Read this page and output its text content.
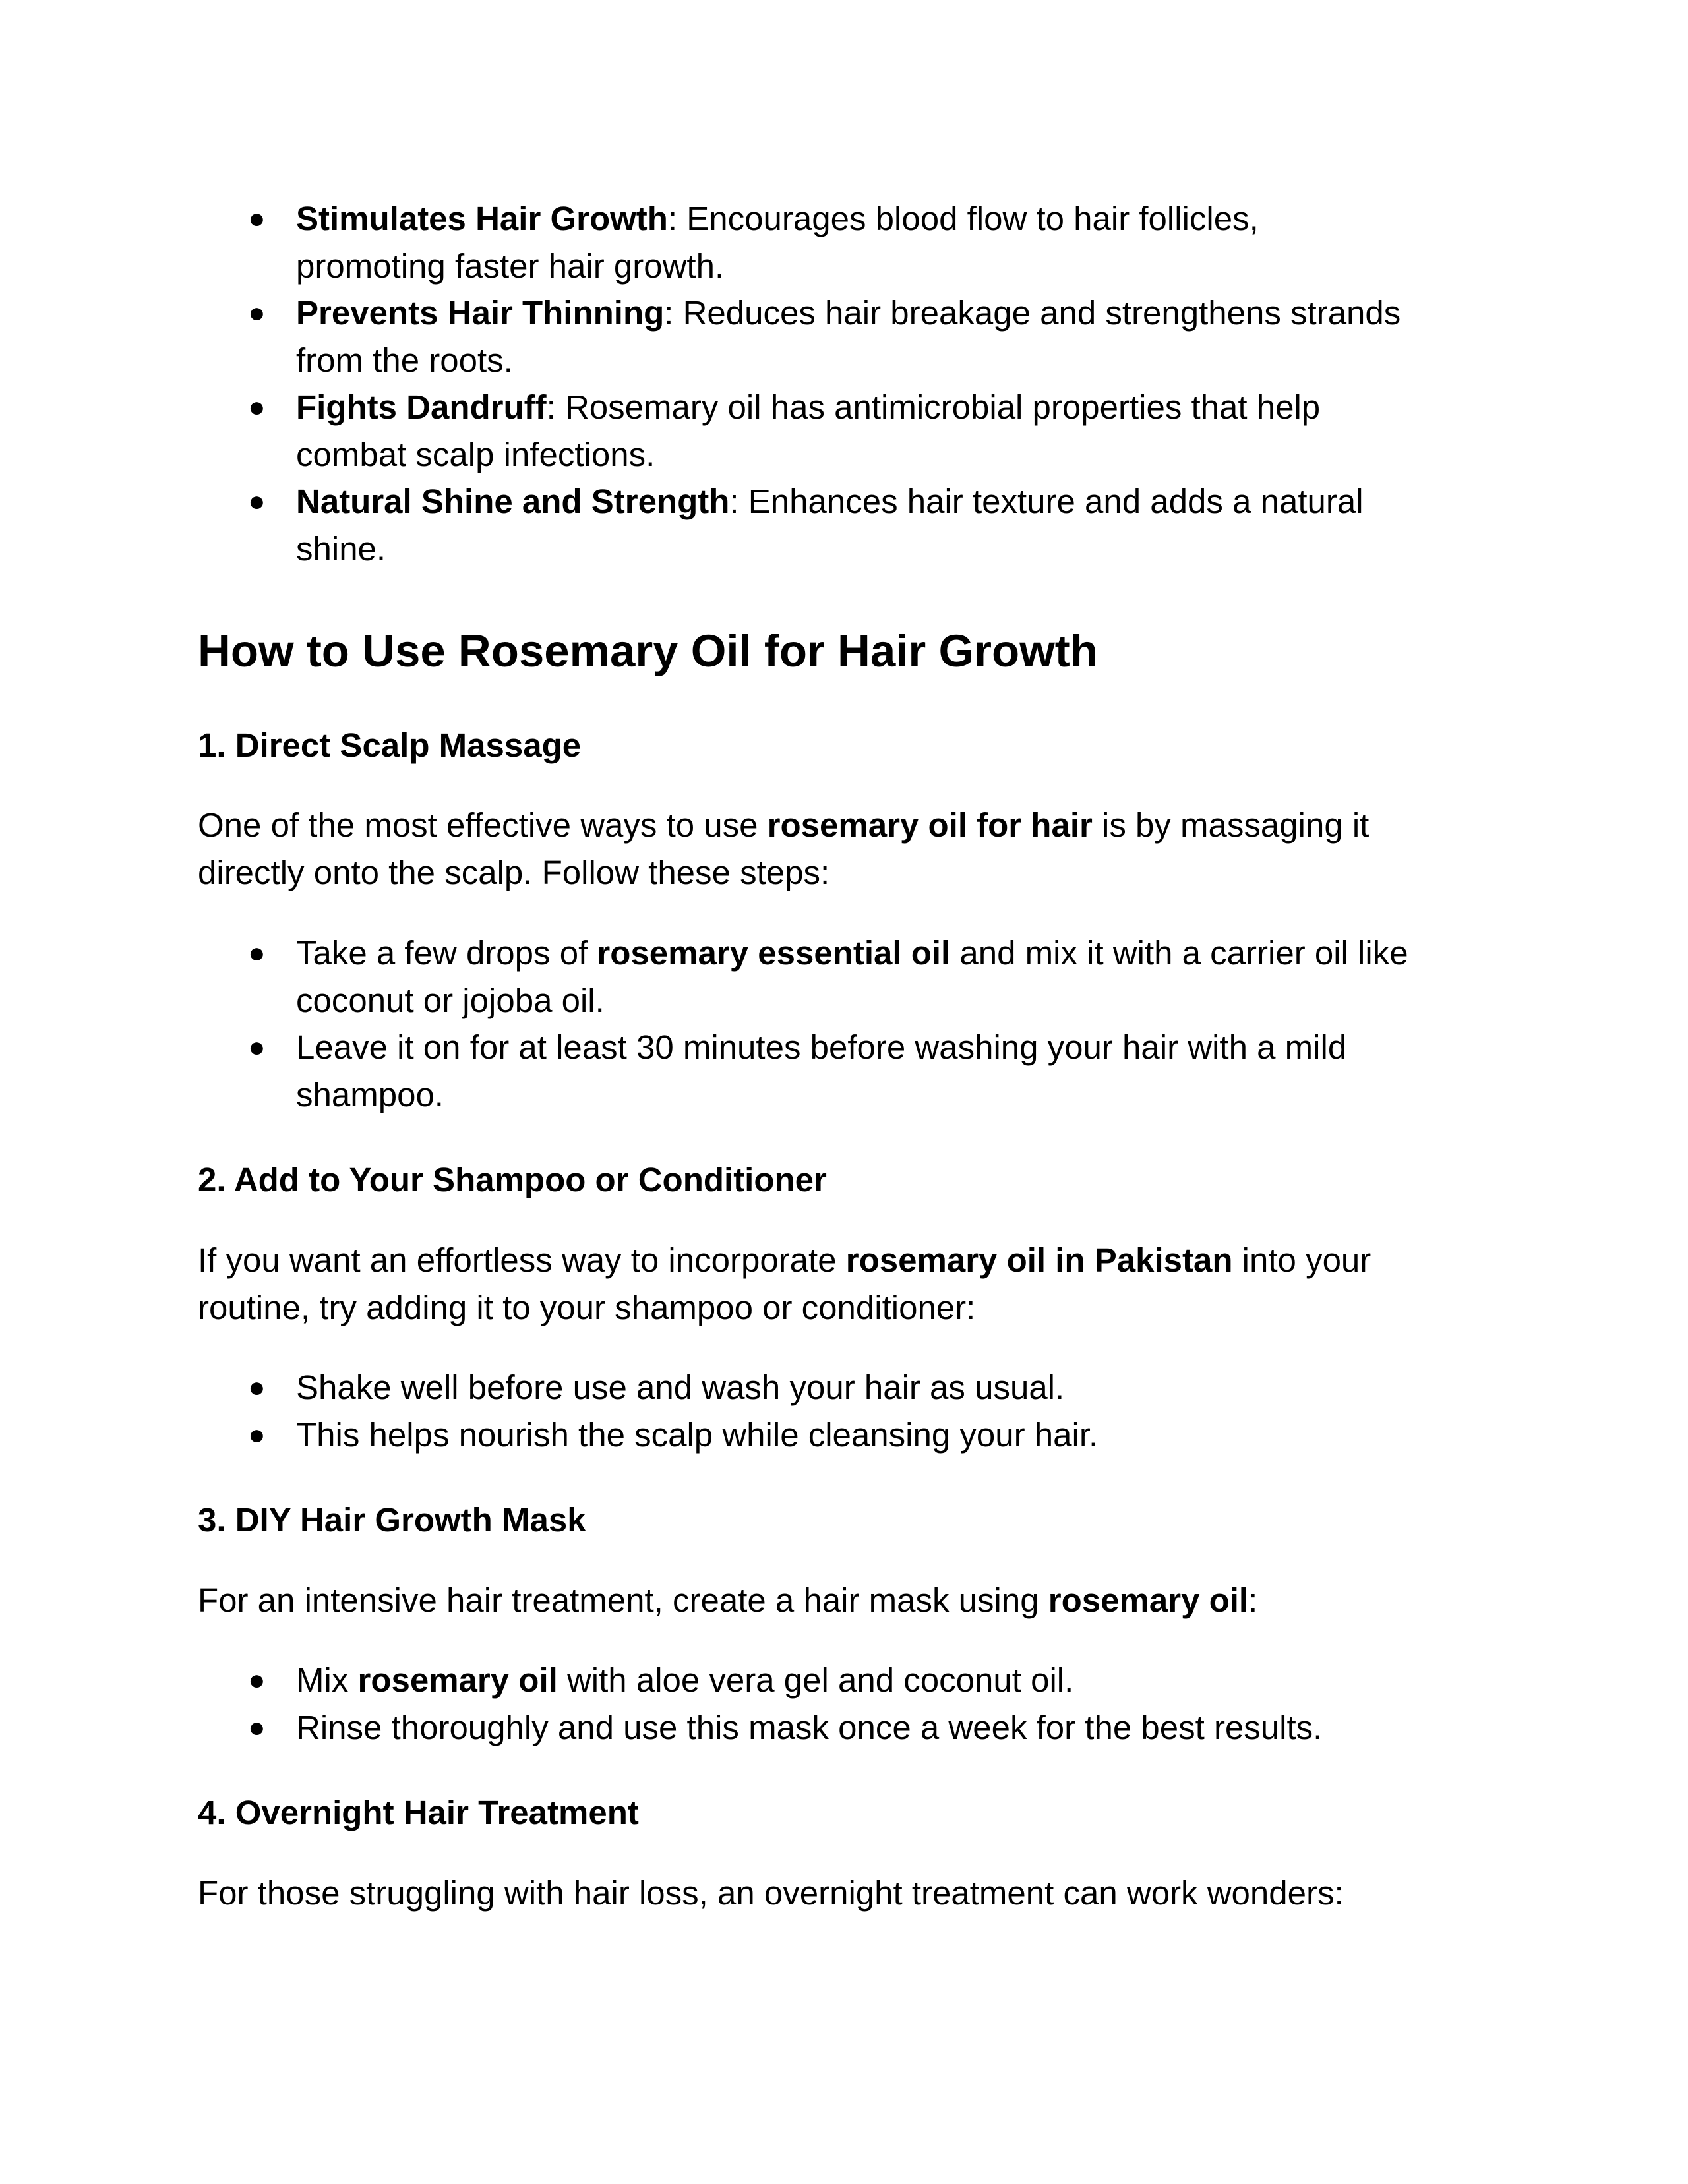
● Stimulates Hair Growth: Encourages blood flow to hair follicles,
promoting faster hair growth.
● Prevents Hair Thinning: Reduces hair breakage and strengthens strands
from the roots.
● Fights Dandruff: Rosemary oil has antimicrobial properties that help
combat scalp infections.
● Natural Shine and Strength: Enhances hair texture and adds a natural
shine.
How to Use Rosemary Oil for Hair Growth
1. Direct Scalp Massage
One of the most effective ways to use rosemary oil for hair is by massaging it
directly onto the scalp. Follow these steps:
● Take a few drops of rosemary essential oil and mix it with a carrier oil like
coconut or jojoba oil.
● Leave it on for at least 30 minutes before washing your hair with a mild
shampoo.
2. Add to Your Shampoo or Conditioner
If you want an effortless way to incorporate rosemary oil in Pakistan into your
routine, try adding it to your shampoo or conditioner:
● Shake well before use and wash your hair as usual.
● This helps nourish the scalp while cleansing your hair.
3. DIY Hair Growth Mask
For an intensive hair treatment, create a hair mask using rosemary oil:
● Mix rosemary oil with aloe vera gel and coconut oil.
● Rinse thoroughly and use this mask once a week for the best results.
4. Overnight Hair Treatment
For those struggling with hair loss, an overnight treatment can work wonders:
